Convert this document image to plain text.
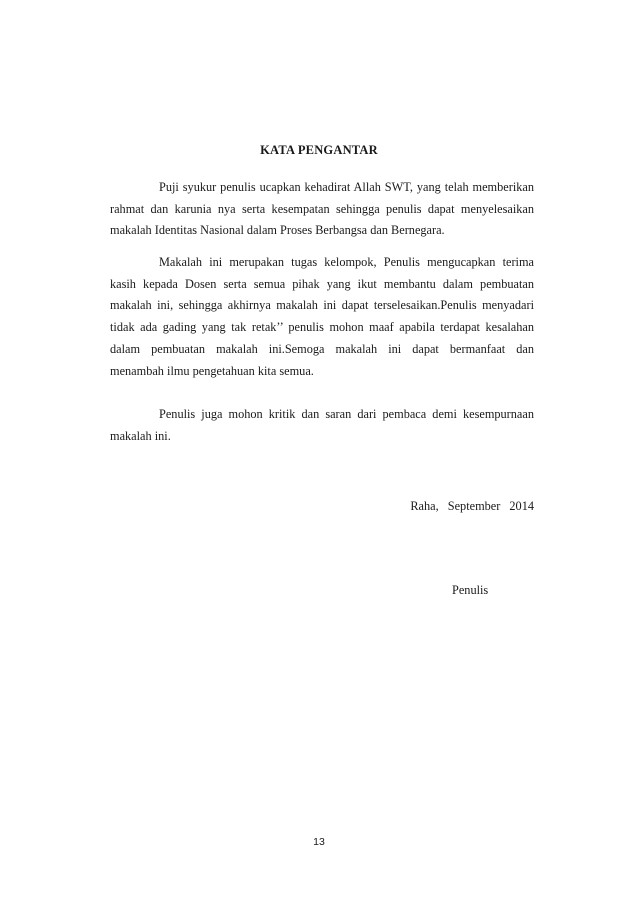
KATA PENGANTAR
Puji syukur penulis ucapkan kehadirat Allah SWT, yang telah memberikan
rahmat dan karunia nya serta kesempatan sehingga penulis dapat menyelesaikan
makalah Identitas Nasional dalam Proses Berbangsa dan Bernegara.
Makalah ini merupakan tugas kelompok, Penulis mengucapkan terima
kasih kepada Dosen serta semua pihak yang ikut membantu dalam pembuatan
makalah ini, sehingga akhirnya makalah ini dapat terselesaikan.Penulis menyadari
tidak ada gading yang tak retak’’ penulis mohon maaf apabila terdapat kesalahan
dalam pembuatan makalah ini.Semoga makalah ini dapat bermanfaat dan
menambah ilmu pengetahuan kita semua.
Penulis juga mohon kritik dan saran dari pembaca demi kesempurnaan
makalah ini.
Raha, September 2014
Penulis
13
